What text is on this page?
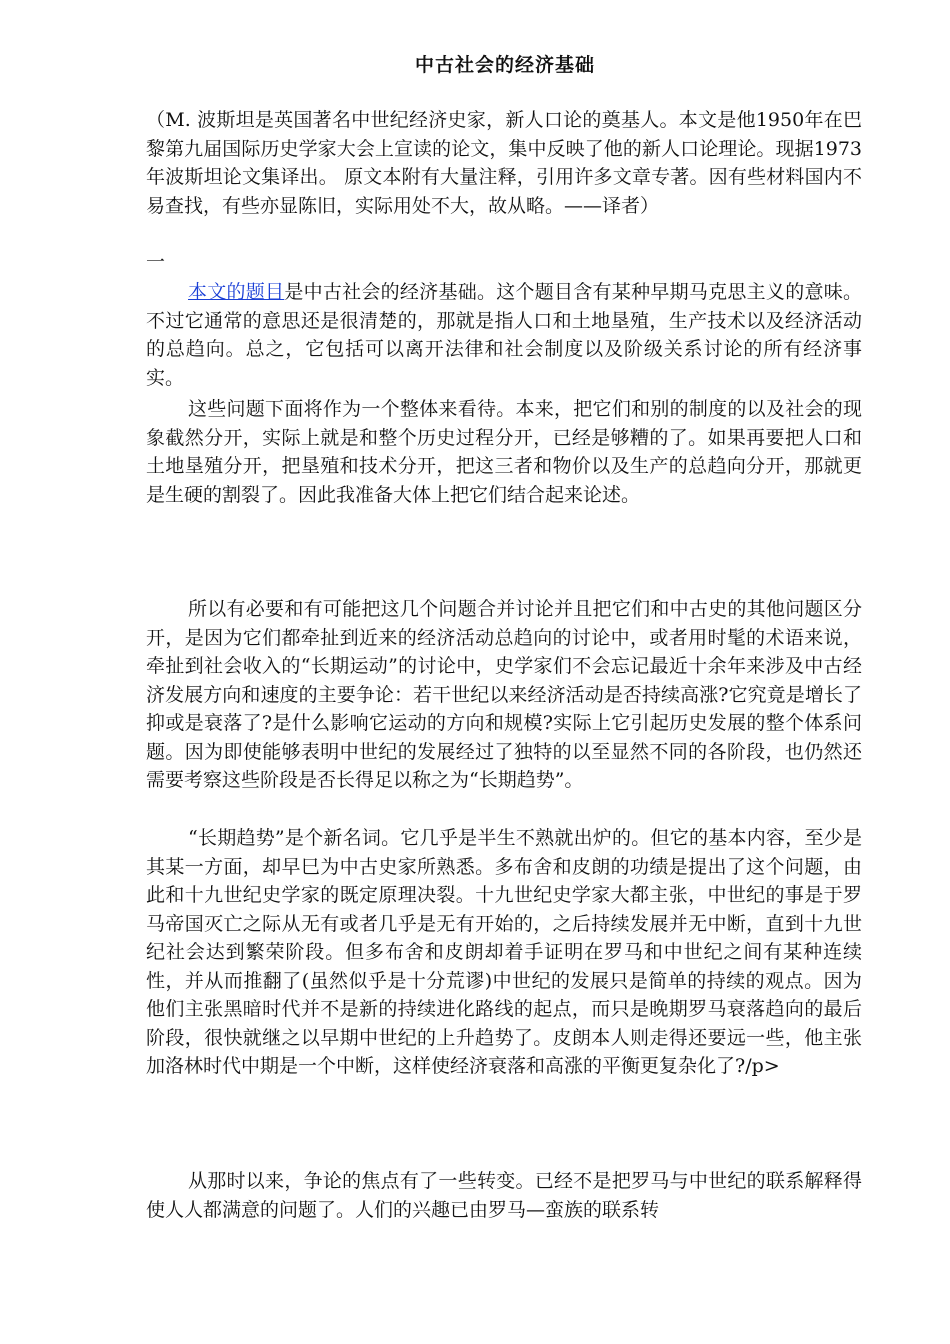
中古社会的经济基础

（M. 波斯坦是英国著名中世纪经济史家，新人口论的奠基人。本文是他1950年在巴黎第九届国际历史学家大会上宣读的论文，集中反映了他的新人口论理论。现据1973年波斯坦论文集译出。 原文本附有大量注释，引用许多文章专著。因有些材料国内不易查找，有些亦显陈旧，实际用处不大，故从略。——译者）

一

本文的题目是中古社会的经济基础。这个题目含有某种早期马克思主义的意味。不过它通常的意思还是很清楚的，那就是指人口和土地垦殖，生产技术以及经济活动的总趋向。总之，它包括可以离开法律和社会制度以及阶级关系讨论的所有经济事实。

这些问题下面将作为一个整体来看待。本来，把它们和别的制度的以及社会的现象截然分开，实际上就是和整个历史过程分开，已经是够糟的了。如果再要把人口和土地垦殖分开，把垦殖和技术分开，把这三者和物价以及生产的总趋向分开，那就更是生硬的割裂了。因此我准备大体上把它们结合起来论述。

所以有必要和有可能把这几个问题合并讨论并且把它们和中古史的其他问题区分开，是因为它们都牵扯到近来的经济活动总趋向的讨论中，或者用时髦的术语来说，牵扯到社会收入的“长期运动”的讨论中，史学家们不会忘记最近十余年来涉及中古经济发展方向和速度的主要争论：若干世纪以来经济活动是否持续高涨?它究竟是增长了抑或是衰落了?是什么影响它运动的方向和规模?实际上它引起历史发展的整个体系问题。因为即使能够表明中世纪的发展经过了独特的以至显然不同的各阶段，也仍然还需要考察这些阶段是否长得足以称之为“长期趋势”。

“长期趋势”是个新名词。它几乎是半生不熟就出炉的。但它的基本内容，至少是其某一方面，却早巳为中古史家所熟悉。多布舍和皮朗的功绩是提出了这个问题，由此和十九世纪史学家的既定原理决裂。十九世纪史学家大都主张，中世纪的事是于罗马帝国灭亡之际从无有或者几乎是无有开始的，之后持续发展并无中断，直到十九世纪社会达到繁荣阶段。但多布舍和皮朗却着手证明在罗马和中世纪之间有某种连续性，并从而推翻了(虽然似乎是十分荒谬)中世纪的发展只是简单的持续的观点。因为他们主张黑暗时代并不是新的持续进化路线的起点，而只是晚期罗马衰落趋向的最后阶段，很快就继之以早期中世纪的上升趋势了。皮朗本人则走得还要远一些，他主张加洛林时代中期是一个中断，这样使经济衰落和高涨的平衡更复杂化了?/p>

从那时以来，争论的焦点有了一些转变。已经不是把罗马与中世纪的联系解释得使人人都满意的问题了。人们的兴趣已由罗马—蛮族的联系转
